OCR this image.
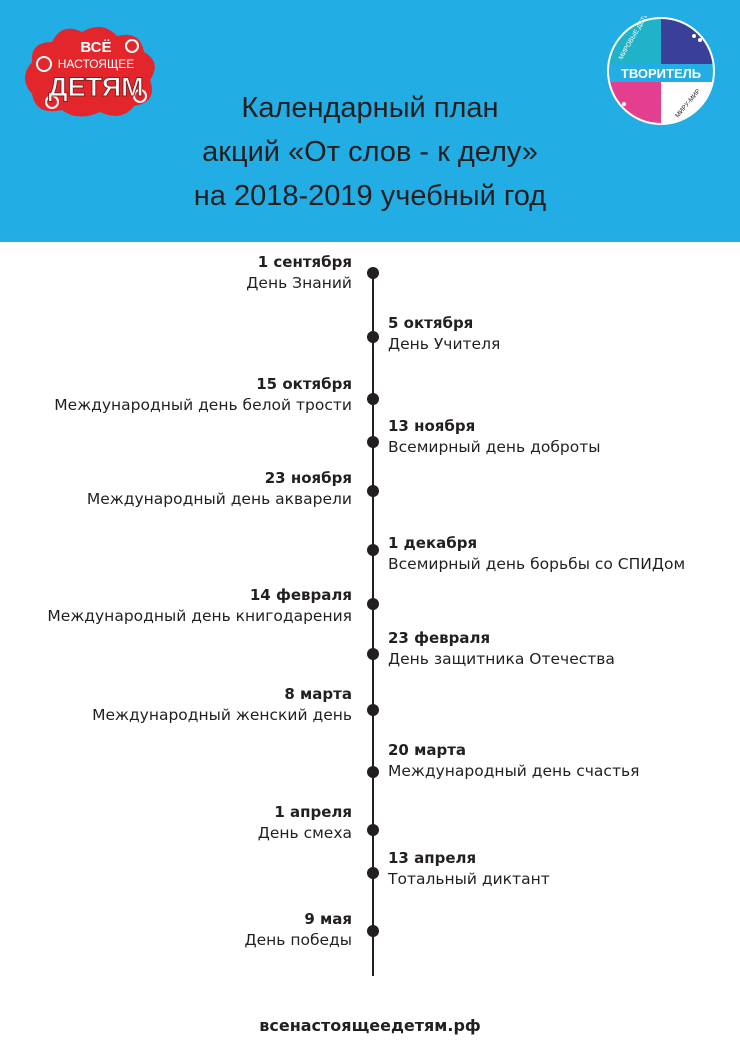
ВСЁ
НАСТОЯЩЕЕ
ДЕТЯМ
Календарный план
акций «От слов - к делу»
на 2018-2019 учебный год
МИРОВЫЕ ДЕТИ
ТВОРИТЕЛЬ
МИРУ-МИР
1 сентября
День Знаний
5 октября
День Учителя
15 октября
Международный день белой трости
13 ноября
Всемирный день доброты
23 ноября
Международный день акварели
1 декабря
Всемирный день борьбы со СПИДом
14 февраля
Международный день книгодарения
23 февраля
День защитника Отечества
8 марта
Международный женский день
20 марта
Международный день счастья
1 апреля
День смеха
13 апреля
Тотальный диктант
9 мая
День победы
всенастоящеедетям.рф
